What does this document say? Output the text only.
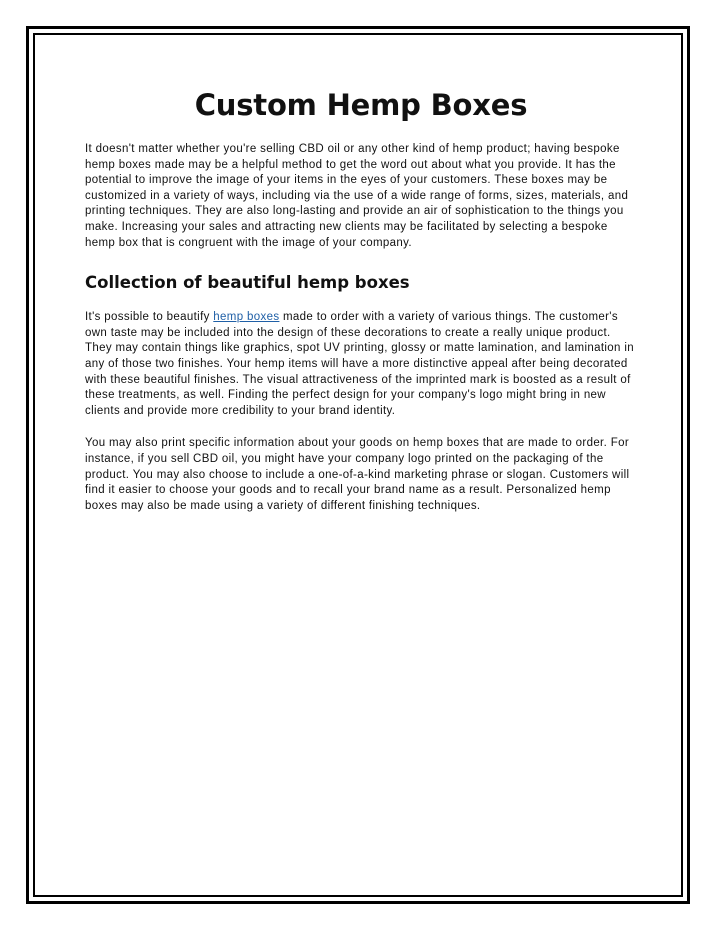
Custom Hemp Boxes

It doesn't matter whether you're selling CBD oil or any other kind of hemp product; having bespoke hemp boxes made may be a helpful method to get the word out about what you provide. It has the potential to improve the image of your items in the eyes of your customers. These boxes may be customized in a variety of ways, including via the use of a wide range of forms, sizes, materials, and printing techniques. They are also long-lasting and provide an air of sophistication to the things you make. Increasing your sales and attracting new clients may be facilitated by selecting a bespoke hemp box that is congruent with the image of your company.

Collection of beautiful hemp boxes

It's possible to beautify hemp boxes made to order with a variety of various things. The customer's own taste may be included into the design of these decorations to create a really unique product. They may contain things like graphics, spot UV printing, glossy or matte lamination, and lamination in any of those two finishes. Your hemp items will have a more distinctive appeal after being decorated with these beautiful finishes. The visual attractiveness of the imprinted mark is boosted as a result of these treatments, as well. Finding the perfect design for your company's logo might bring in new clients and provide more credibility to your brand identity.

You may also print specific information about your goods on hemp boxes that are made to order. For instance, if you sell CBD oil, you might have your company logo printed on the packaging of the product. You may also choose to include a one-of-a-kind marketing phrase or slogan. Customers will find it easier to choose your goods and to recall your brand name as a result. Personalized hemp boxes may also be made using a variety of different finishing techniques.
